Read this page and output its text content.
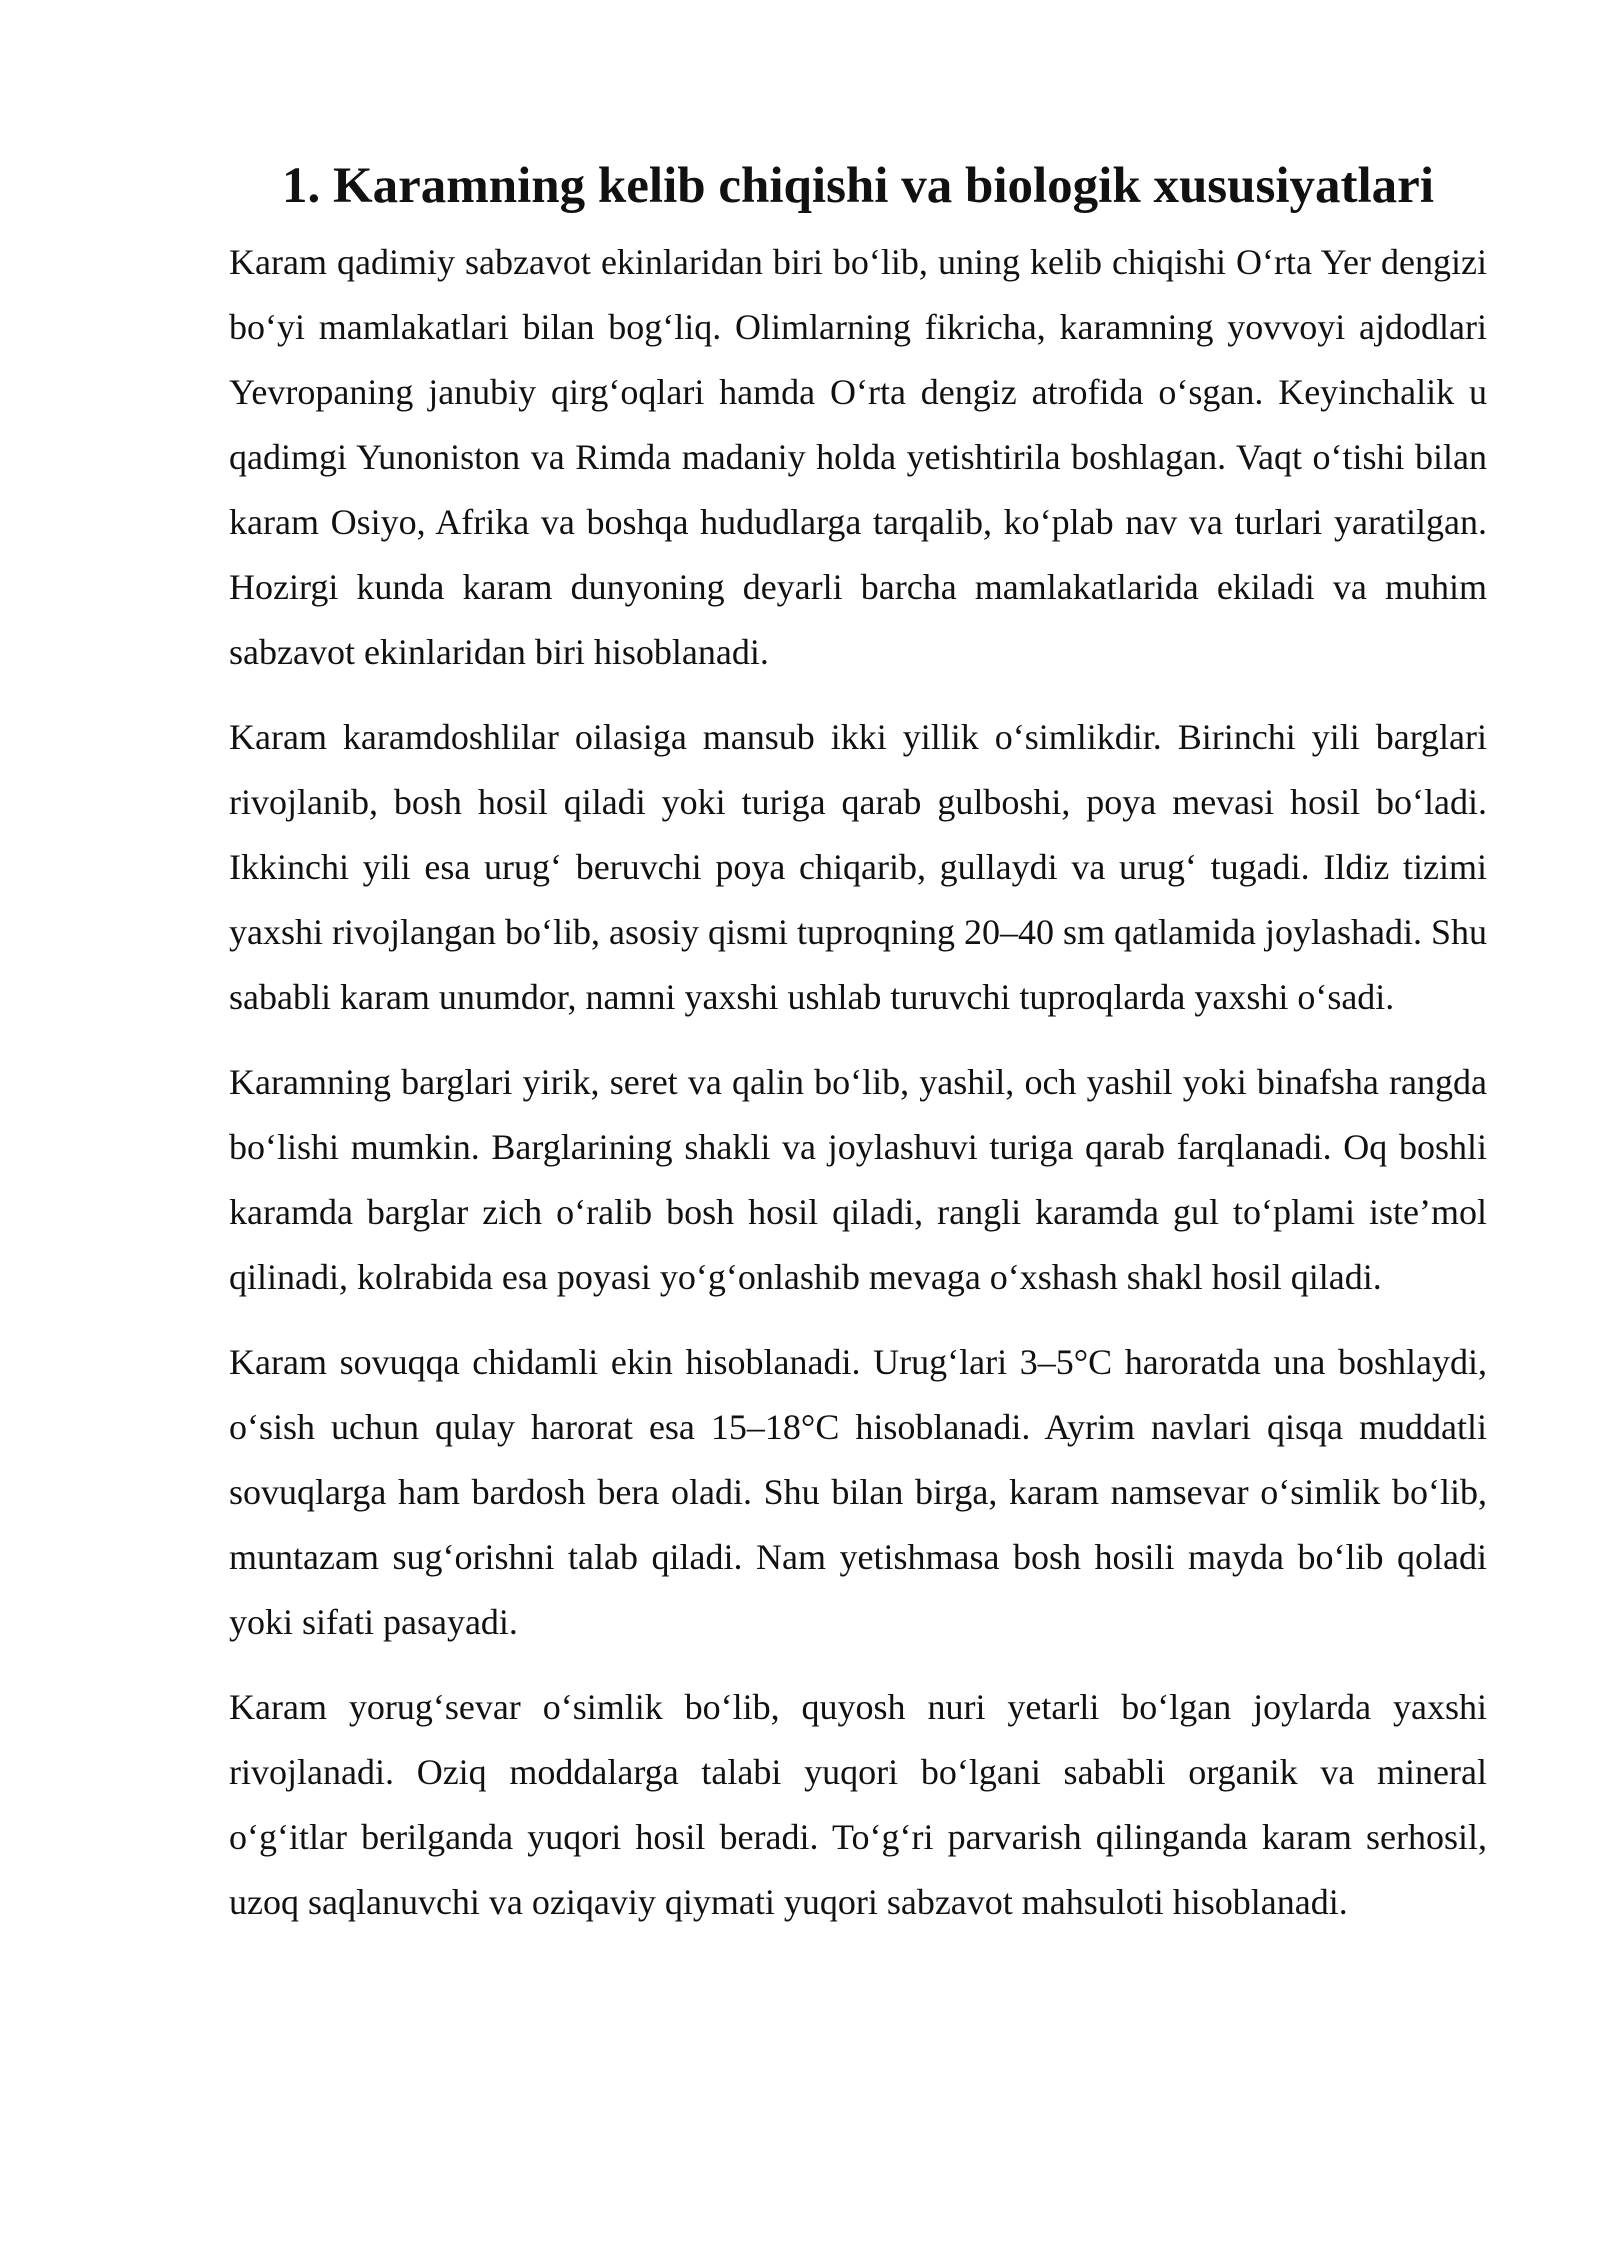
1. Karamning kelib chiqishi va biologik xususiyatlari

Karam qadimiy sabzavot ekinlaridan biri bo‘lib, uning kelib chiqishi O‘rta Yer dengizi bo‘yi mamlakatlari bilan bog‘liq. Olimlarning fikricha, karamning yovvoyi ajdodlari Yevropaning janubiy qirg‘oqlari hamda O‘rta dengiz atrofida o‘sgan. Keyinchalik u qadimgi Yunoniston va Rimda madaniy holda yetishtirila boshlagan. Vaqt o‘tishi bilan karam Osiyo, Afrika va boshqa hududlarga tarqalib, ko‘plab nav va turlari yaratilgan. Hozirgi kunda karam dunyoning deyarli barcha mamlakatlarida ekiladi va muhim sabzavot ekinlaridan biri hisoblanadi.

Karam karamdoshlilar oilasiga mansub ikki yillik o‘simlikdir. Birinchi yili barglari rivojlanib, bosh hosil qiladi yoki turiga qarab gulboshi, poya mevasi hosil bo‘ladi. Ikkinchi yili esa urug‘ beruvchi poya chiqarib, gullaydi va urug‘ tugadi. Ildiz tizimi yaxshi rivojlangan bo‘lib, asosiy qismi tuproqning 20–40 sm qatlamida joylashadi. Shu sababli karam unumdor, namni yaxshi ushlab turuvchi tuproqlarda yaxshi o‘sadi.

Karamning barglari yirik, seret va qalin bo‘lib, yashil, och yashil yoki binafsha rangda bo‘lishi mumkin. Barglarining shakli va joylashuvi turiga qarab farqlanadi. Oq boshli karamda barglar zich o‘ralib bosh hosil qiladi, rangli karamda gul to‘plami iste’mol qilinadi, kolrabida esa poyasi yo‘g‘onlashib mevaga o‘xshash shakl hosil qiladi.

Karam sovuqqa chidamli ekin hisoblanadi. Urug‘lari 3–5°C haroratda una boshlaydi, o‘sish uchun qulay harorat esa 15–18°C hisoblanadi. Ayrim navlari qisqa muddatli sovuqlarga ham bardosh bera oladi. Shu bilan birga, karam namsevar o‘simlik bo‘lib, muntazam sug‘orishni talab qiladi. Nam yetishmasa bosh hosili mayda bo‘lib qoladi yoki sifati pasayadi.

Karam yorug‘sevar o‘simlik bo‘lib, quyosh nuri yetarli bo‘lgan joylarda yaxshi rivojlanadi. Oziq moddalarga talabi yuqori bo‘lgani sababli organik va mineral o‘g‘itlar berilganda yuqori hosil beradi. To‘g‘ri parvarish qilinganda karam serhosil, uzoq saqlanuvchi va oziqaviy qiymati yuqori sabzavot mahsuloti hisoblanadi.
